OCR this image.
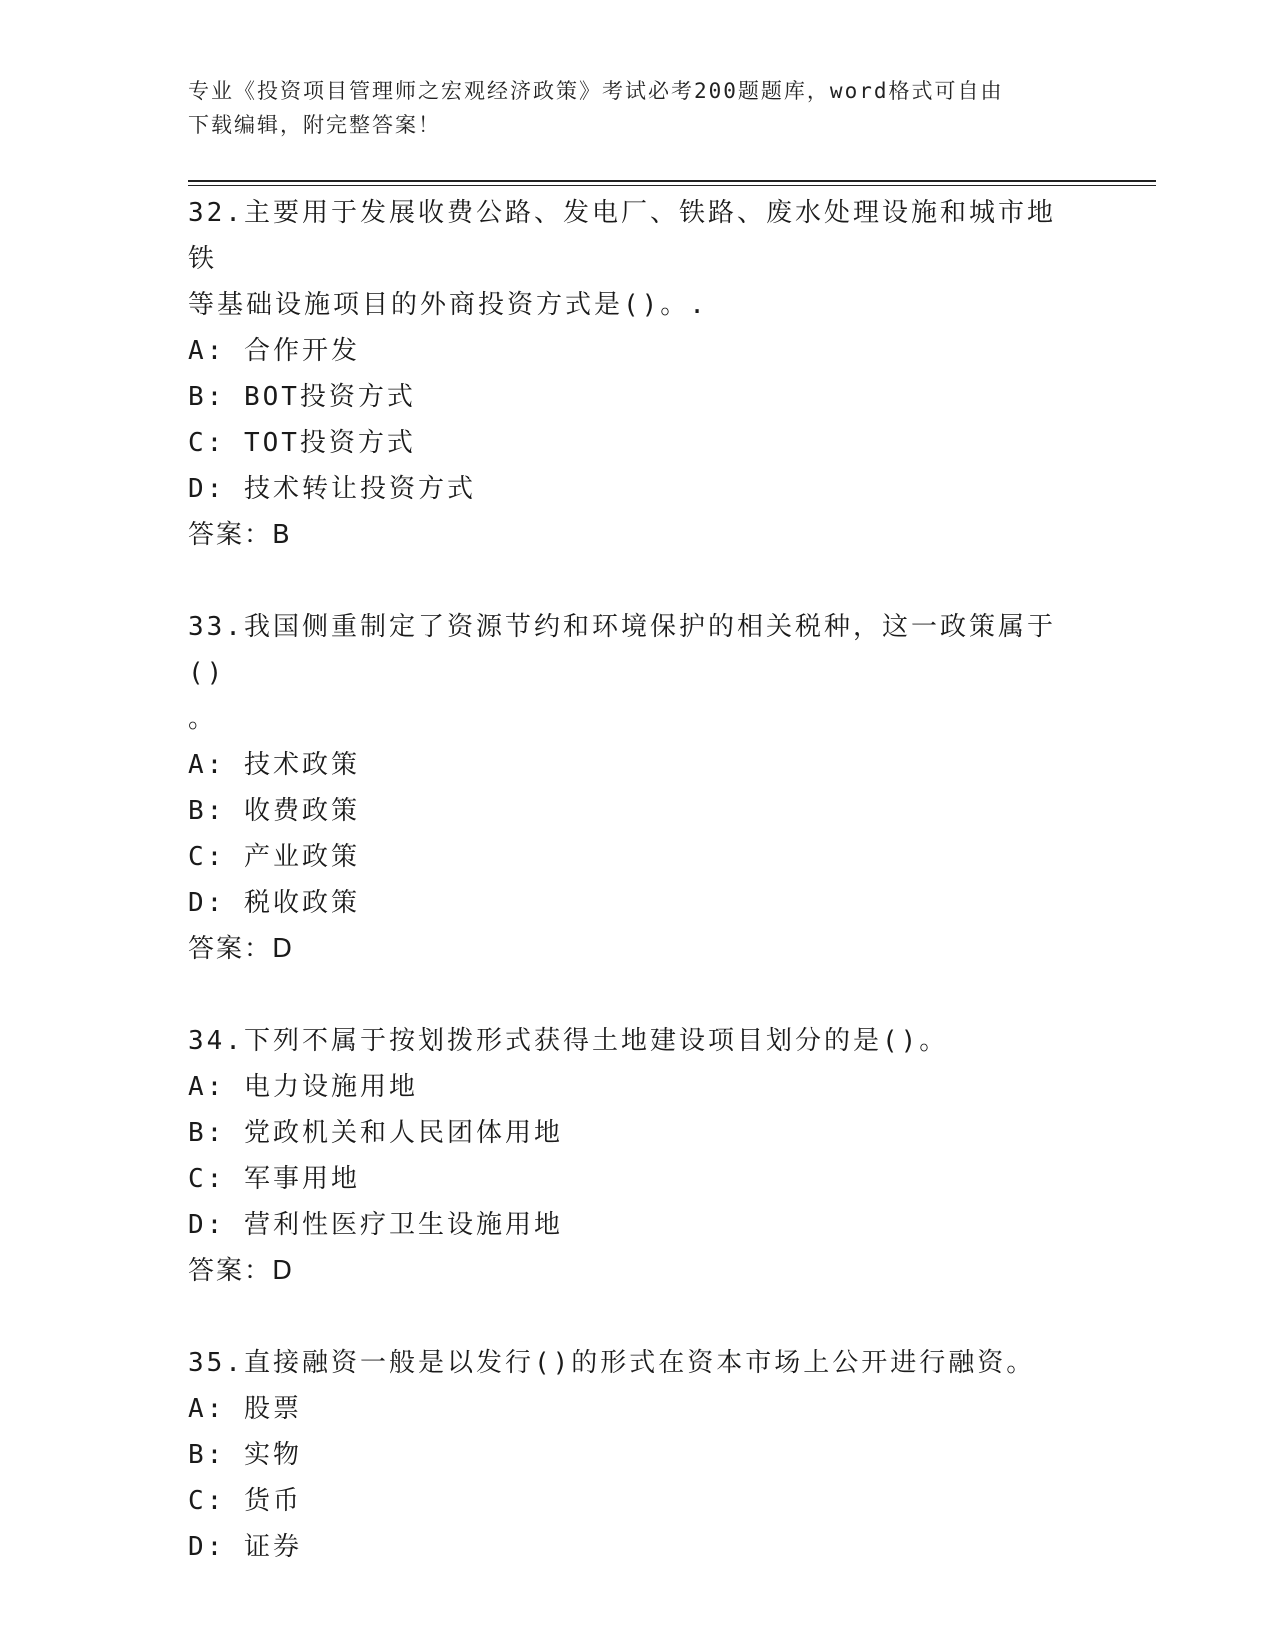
专业《投资项目管理师之宏观经济政策》考试必考200题题库，word格式可自由
下载编辑，附完整答案！

32.主要用于发展收费公路、发电厂、铁路、废水处理设施和城市地铁

等基础设施项目的外商投资方式是()。.

A: 合作开发

B: BOT投资方式

C: TOT投资方式

D: 技术转让投资方式

答案：B

33.我国侧重制定了资源节约和环境保护的相关税种，这一政策属于()

。

A: 技术政策

B: 收费政策

C: 产业政策

D: 税收政策

答案：D

34.下列不属于按划拨形式获得土地建设项目划分的是()。

A: 电力设施用地

B: 党政机关和人民团体用地

C: 军事用地

D: 营利性医疗卫生设施用地

答案：D

35.直接融资一般是以发行()的形式在资本市场上公开进行融资。

A: 股票

B: 实物

C: 货币

D: 证券
